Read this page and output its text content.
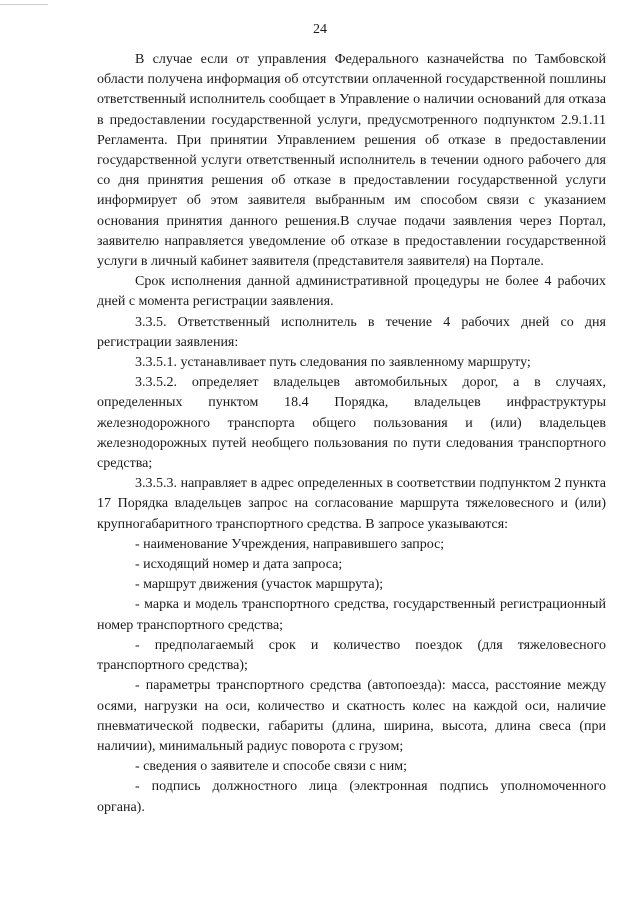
24

В случае если от управления Федерального казначейства по Тамбовской области получена информация об отсутствии оплаченной государственной пошлины ответственный исполнитель сообщает в Управление о наличии оснований для отказа в предоставлении государственной услуги, предусмотренного подпунктом 2.9.1.11 Регламента. При принятии Управлением решения об отказе в предоставлении государственной услуги ответственный исполнитель в течении одного рабочего для со дня принятия решения об отказе в предоставлении государственной услуги информирует об этом заявителя выбранным им способом связи с указанием основания принятия данного решения.В случае подачи заявления через Портал, заявителю направляется уведомление об отказе в предоставлении государственной услуги в личный кабинет заявителя (представителя заявителя) на Портале.

Срок исполнения данной административной процедуры не более 4 рабочих дней с момента регистрации заявления.

3.3.5. Ответственный исполнитель в течение 4 рабочих дней со дня регистрации заявления:

3.3.5.1. устанавливает путь следования по заявленному маршруту;

3.3.5.2. определяет владельцев автомобильных дорог, а в случаях, определенных пунктом 18.4 Порядка, владельцев инфраструктуры железнодорожного транспорта общего пользования и (или) владельцев железнодорожных путей необщего пользования по пути следования транспортного средства;

3.3.5.3. направляет в адрес определенных в соответствии подпунктом 2 пункта 17 Порядка владельцев запрос на согласование маршрута тяжеловесного и (или) крупногабаритного транспортного средства. В запросе указываются:

- наименование Учреждения, направившего запрос;

- исходящий номер и дата запроса;

- маршрут движения (участок маршрута);

- марка и модель транспортного средства, государственный регистрационный номер транспортного средства;

- предполагаемый срок и количество поездок (для тяжеловесного транспортного средства);

- параметры транспортного средства (автопоезда): масса, расстояние между осями, нагрузки на оси, количество и скатность колес на каждой оси, наличие пневматической подвески, габариты (длина, ширина, высота, длина свеса (при наличии), минимальный радиус поворота с грузом;

- сведения о заявителе и способе связи с ним;

- подпись должностного лица (электронная подпись уполномоченного органа).
